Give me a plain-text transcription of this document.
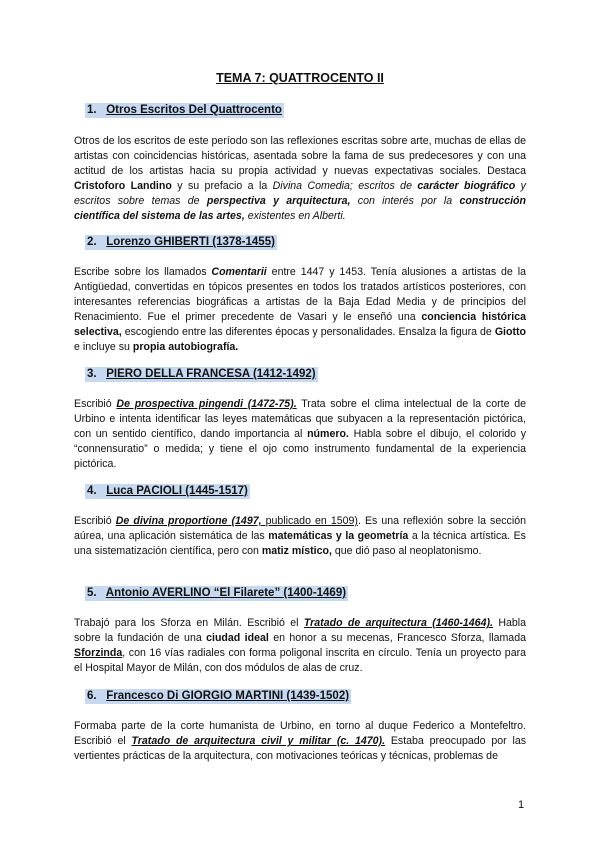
TEMA 7: QUATTROCENTO II
1. Otros Escritos Del Quattrocento
Otros de los escritos de este período son las reflexiones escritas sobre arte, muchas de ellas de artistas con coincidencias históricas, asentada sobre la fama de sus predecesores y con una actitud de los artistas hacia su propia actividad y nuevas expectativas sociales. Destaca Cristoforo Landino y su prefacio a la Divina Comedia; escritos de carácter biográfico y escritos sobre temas de perspectiva y arquitectura, con interés por la construcción científica del sistema de las artes, existentes en Alberti.
2. Lorenzo GHIBERTI (1378-1455)
Escribe sobre los llamados Comentarii entre 1447 y 1453. Tenía alusiones a artistas de la Antigüedad, convertidas en tópicos presentes en todos los tratados artísticos posteriores, con interesantes referencias biográficas a artistas de la Baja Edad Media y de principios del Renacimiento. Fue el primer precedente de Vasari y le enseñó una conciencia histórica selectiva, escogiendo entre las diferentes épocas y personalidades. Ensalza la figura de Giotto e incluye su propia autobiografía.
3. PIERO DELLA FRANCESA (1412-1492)
Escribió De prospectiva pingendi (1472-75). Trata sobre el clima intelectual de la corte de Urbino e intenta identificar las leyes matemáticas que subyacen a la representación pictórica, con un sentido científico, dando importancia al número. Habla sobre el dibujo, el colorido y “connensuratio” o medida; y tiene el ojo como instrumento fundamental de la experiencia pictórica.
4. Luca PACIOLI (1445-1517)
Escribió De divina proportione (1497, publicado en 1509). Es una reflexión sobre la sección aúrea, una aplicación sistemática de las matemáticas y la geometría a la técnica artística. Es una sistematización científica, pero con matiz místico, que dió paso al neoplatonismo.
5. Antonio AVERLINO “El Filarete” (1400-1469)
Trabajó para los Sforza en Milán. Escribió el Tratado de arquitectura (1460-1464). Habla sobre la fundación de una ciudad ideal en honor a su mecenas, Francesco Sforza, llamada Sforzinda, con 16 vías radiales con forma poligonal inscrita en círculo. Tenía un proyecto para el Hospital Mayor de Milán, con dos módulos de alas de cruz.
6. Francesco Di GIORGIO MARTINI (1439-1502)
Formaba parte de la corte humanista de Urbino, en torno al duque Federico a Montefeltro. Escribió el Tratado de arquitectura civil y militar (c. 1470). Estaba preocupado por las vertientes prácticas de la arquitectura, con motivaciones teóricas y técnicas, problemas de
1
